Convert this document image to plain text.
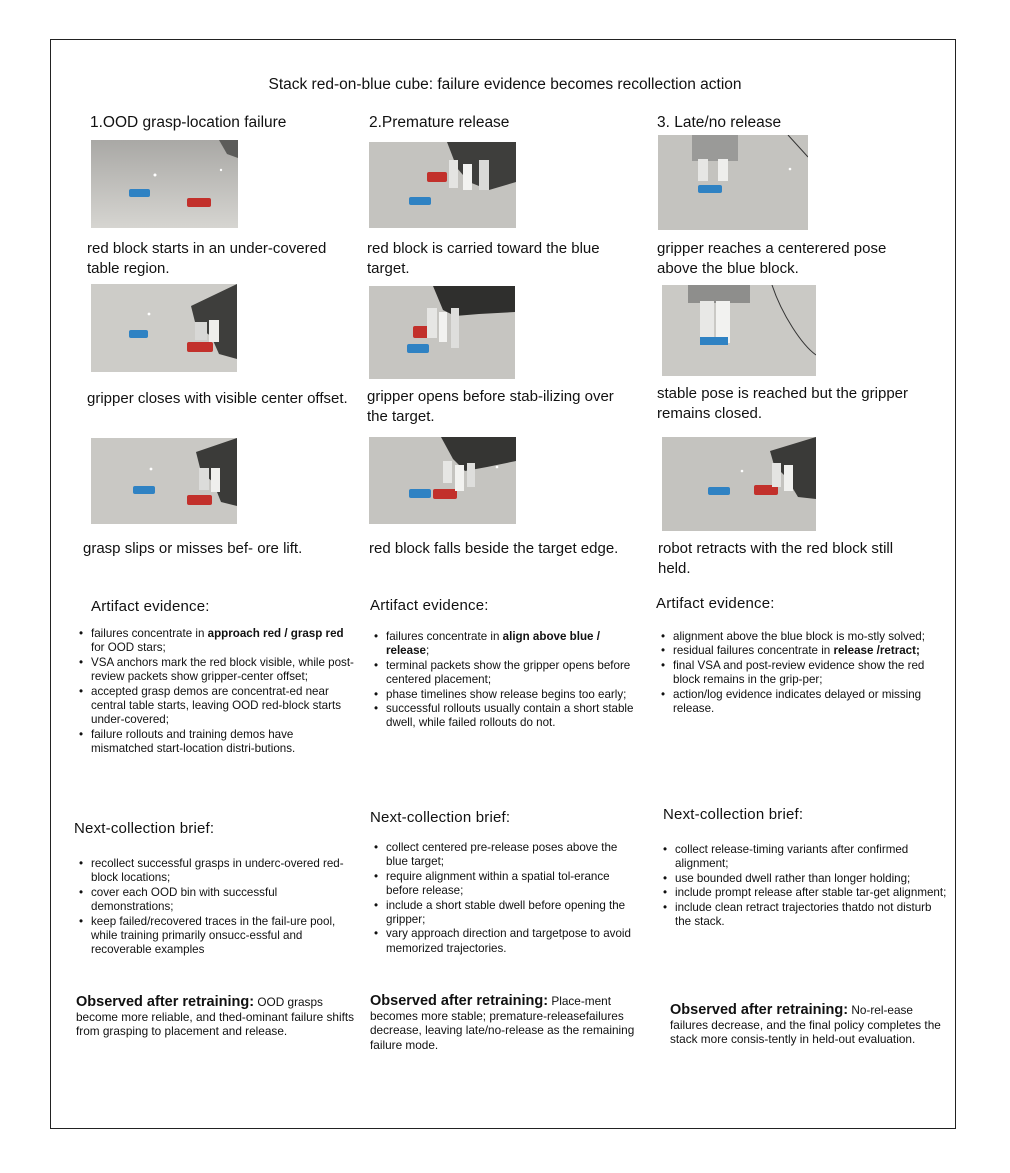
Stack red-on-blue cube: failure evidence becomes recollection action
1.OOD grasp-location failure
red block starts in an under-covered table region.
gripper closes with visible center offset.
grasp slips or misses bef- ore lift.
Artifact evidence:
• failures concentrate in approach red / grasp red for OOD stars;
• VSA anchors mark the red block visible, while post-review packets show gripper-center offset;
• accepted grasp demos are concentrat-ed near central table starts, leaving OOD red-block starts under-covered;
• failure rollouts and training demos have mismatched start-location distri-butions.
Next-collection brief:
• recollect successful grasps in underc-overed red-block locations;
• cover each OOD bin with successful demonstrations;
• keep failed/recovered traces in the fail-ure pool, while training primarily onsucc-essful and recoverable examples
Observed after retraining: OOD grasps become more reliable, and thed-ominant failure shifts from grasping to placement and release.
2.Premature release
red block is carried toward the blue target.
gripper opens before stab-ilizing over the target.
red block falls beside the target edge.
Artifact evidence:
• failures concentrate in align above blue / release;
• terminal packets show the gripper opens before centered placement;
• phase timelines show release begins too early;
• successful rollouts usually contain a short stable dwell, while failed rollouts do not.
Next-collection brief:
• collect centered pre-release poses above the blue target;
• require alignment within a spatial tol-erance before release;
• include a short stable dwell before opening the gripper;
• vary approach direction and targetpose to avoid memorized trajectories.
Observed after retraining: Place-ment becomes more stable; premature-releasefailures decrease, leaving late/no-release as the remaining failure mode.
3. Late/no release
gripper reaches a centerered pose above the blue block.
stable pose is reached but the gripper remains closed.
robot retracts with the red block still held.
Artifact evidence:
• alignment above the blue block is mo-stly solved;
• residual failures concentrate in release /retract;
• final VSA and post-review evidence show the red block remains in the grip-per;
• action/log evidence indicates delayed or missing release.
Next-collection brief:
• collect release-timing variants after confirmed alignment;
• use bounded dwell rather than longer holding;
• include prompt release after stable tar-get alignment;
• include clean retract trajectories thatdo not disturb the stack.
Observed after retraining: No-rel-ease failures decrease, and the final policy completes the stack more consis-tently in held-out evaluation.
